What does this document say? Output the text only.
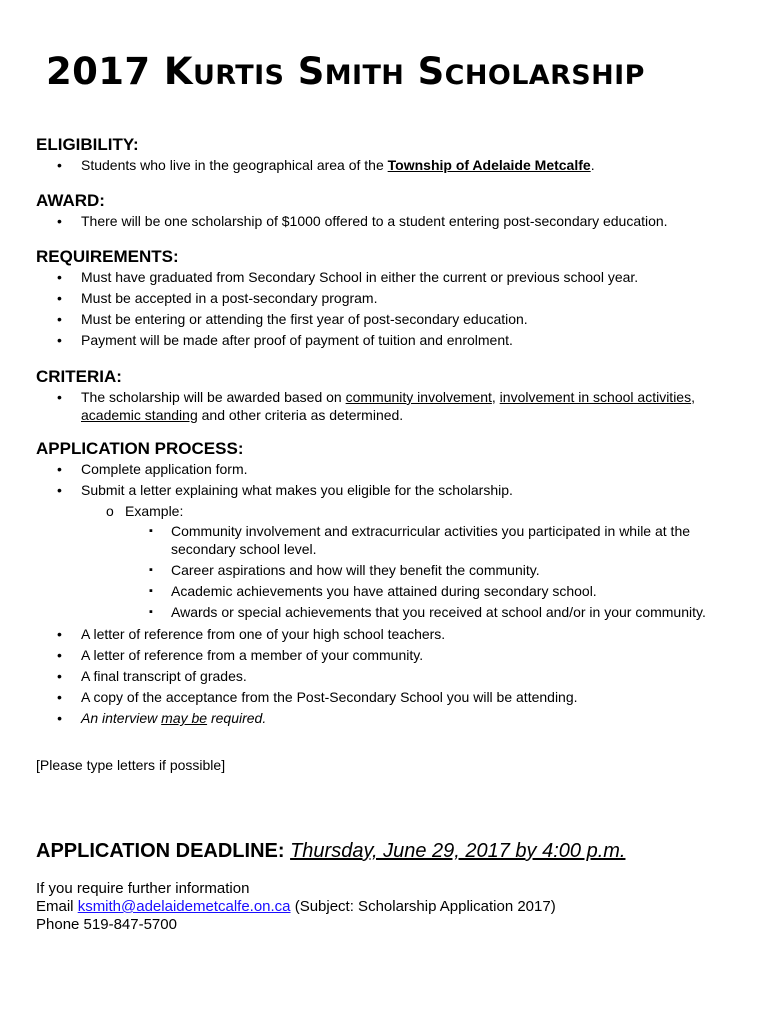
2017 KURTIS SMITH SCHOLARSHIP
ELIGIBILITY:
• Students who live in the geographical area of the Township of Adelaide Metcalfe.
AWARD:
• There will be one scholarship of $1000 offered to a student entering post-secondary education.
REQUIREMENTS:
• Must have graduated from Secondary School in either the current or previous school year.
• Must be accepted in a post-secondary program.
• Must be entering or attending the first year of post-secondary education.
• Payment will be made after proof of payment of tuition and enrolment.
CRITERIA:
• The scholarship will be awarded based on community involvement, involvement in school activities, academic standing and other criteria as determined.
APPLICATION PROCESS:
• Complete application form.
• Submit a letter explaining what makes you eligible for the scholarship.
o Example:
▪ Community involvement and extracurricular activities you participated in while at the secondary school level.
▪ Career aspirations and how will they benefit the community.
▪ Academic achievements you have attained during secondary school.
▪ Awards or special achievements that you received at school and/or in your community.
• A letter of reference from one of your high school teachers.
• A letter of reference from a member of your community.
• A final transcript of grades.
• A copy of the acceptance from the Post-Secondary School you will be attending.
• An interview may be required.

[Please type letters if possible]

APPLICATION DEADLINE: Thursday, June 29, 2017 by 4:00 p.m.

If you require further information

Email ksmith@adelaidemetcalfe.on.ca (Subject: Scholarship Application 2017)

Phone 519-847-5700
